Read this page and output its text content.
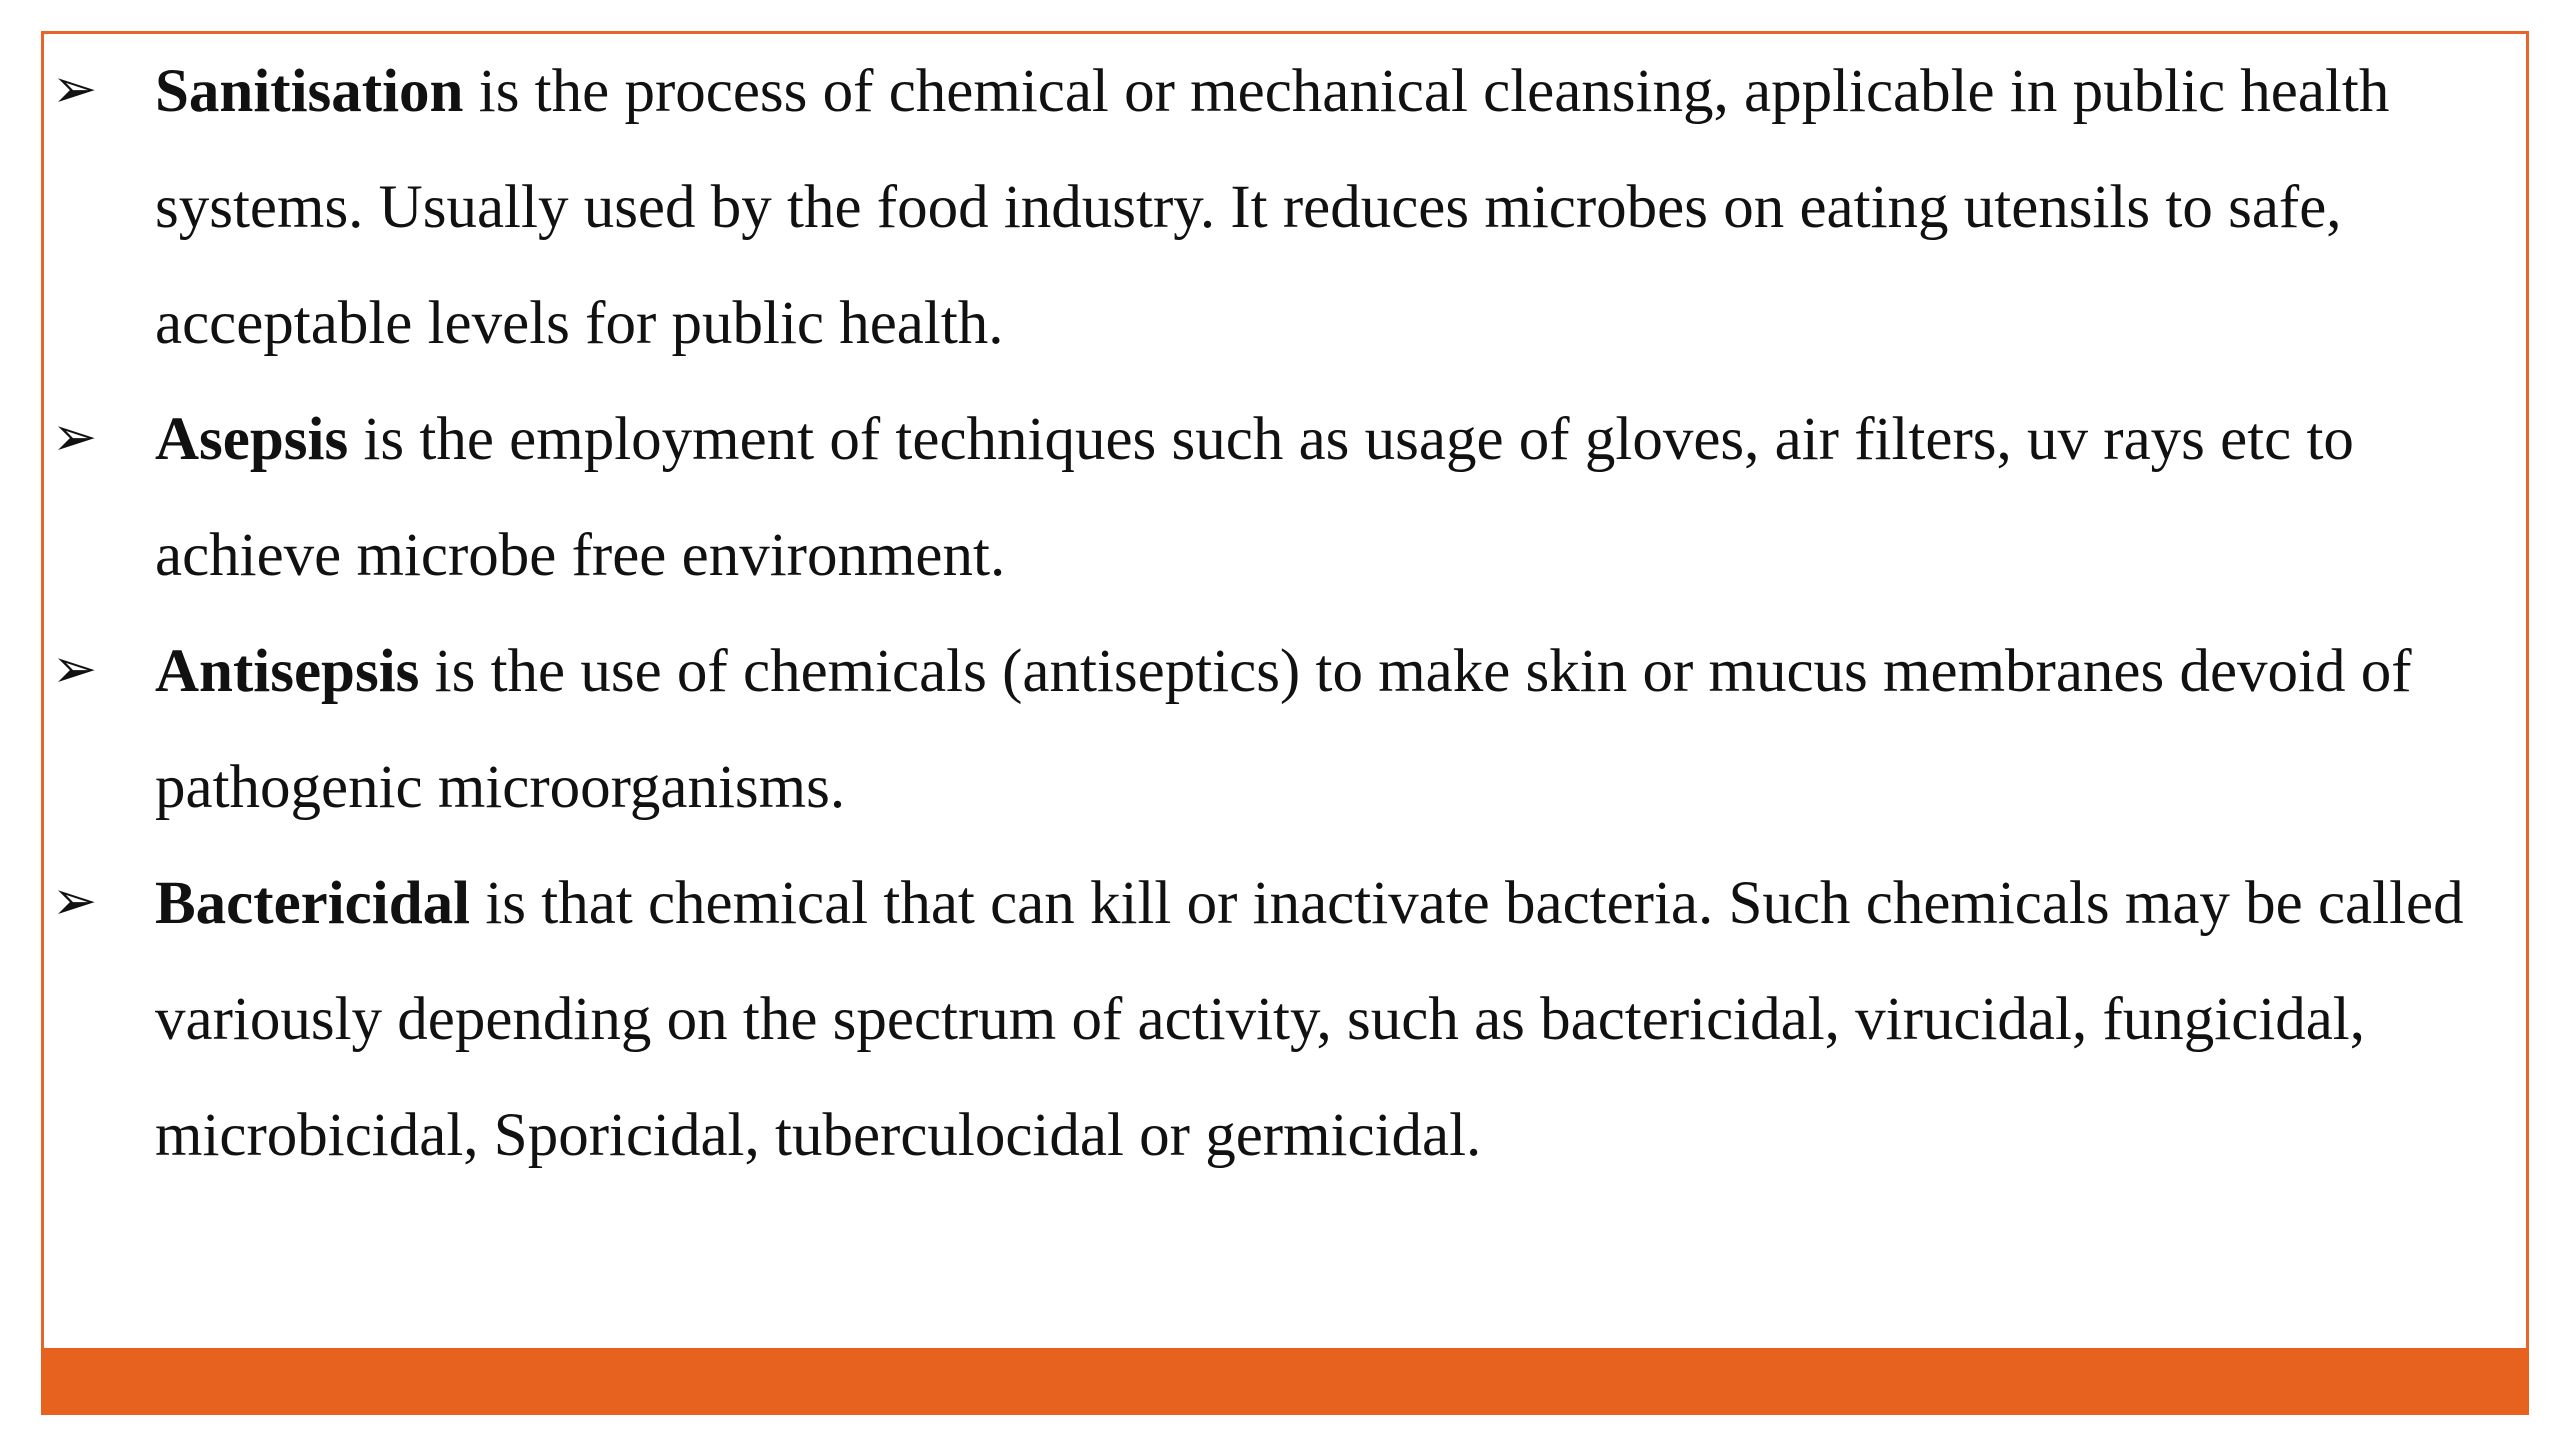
➢ Sanitisation is the process of chemical or mechanical cleansing, applicable in public health systems. Usually used by the food industry. It reduces microbes on eating utensils to safe, acceptable levels for public health.

➢ Asepsis is the employment of techniques such as usage of gloves, air filters, uv rays etc to achieve microbe free environment.

➢ Antisepsis is the use of chemicals (antiseptics) to make skin or mucus membranes devoid of pathogenic microorganisms.

➢ Bactericidal is that chemical that can kill or inactivate bacteria. Such chemicals may be called variously depending on the spectrum of activity, such as bactericidal, virucidal, fungicidal, microbicidal, Sporicidal, tuberculocidal or germicidal.
